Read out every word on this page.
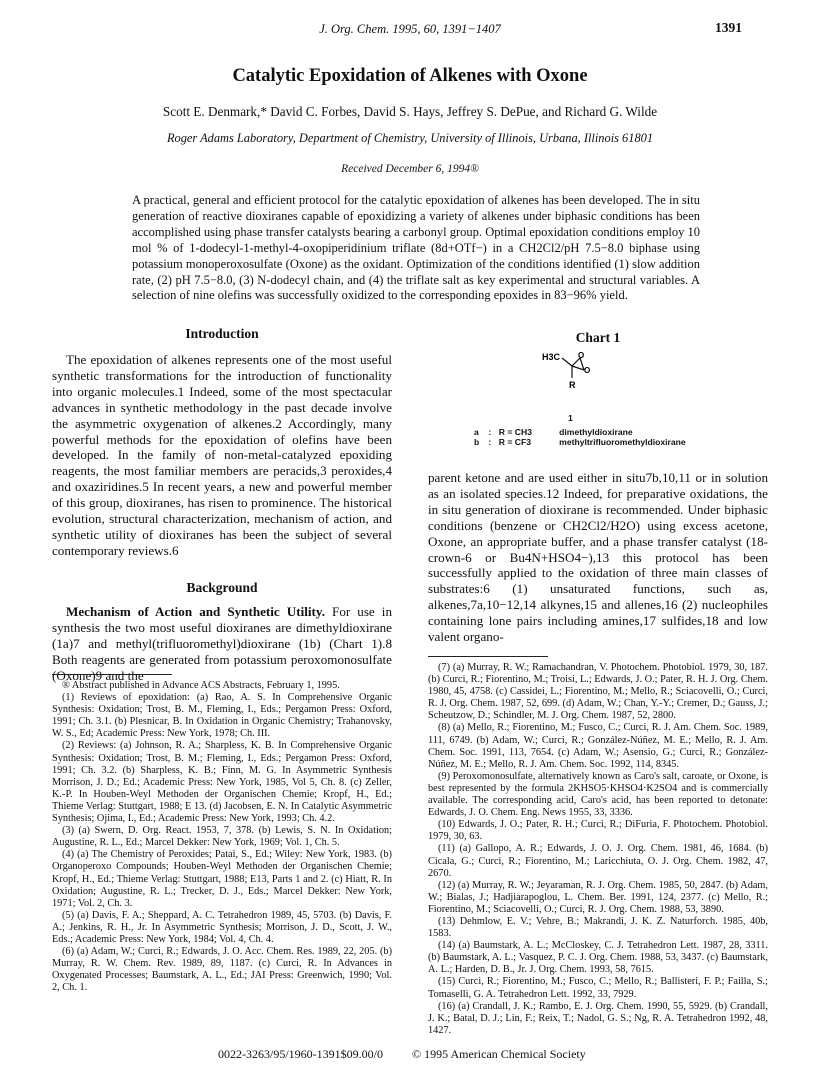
J. Org. Chem. 1995, 60, 1391−1407	1391
Catalytic Epoxidation of Alkenes with Oxone
Scott E. Denmark,* David C. Forbes, David S. Hays, Jeffrey S. DePue, and Richard G. Wilde
Roger Adams Laboratory, Department of Chemistry, University of Illinois, Urbana, Illinois 61801
Received December 6, 1994®
A practical, general and efficient protocol for the catalytic epoxidation of alkenes has been developed. The in situ generation of reactive dioxiranes capable of epoxidizing a variety of alkenes under biphasic conditions has been accomplished using phase transfer catalysts bearing a carbonyl group. Optimal epoxidation conditions employ 10 mol % of 1-dodecyl-1-methyl-4-oxopiperidinium triflate (8d+OTf−) in a CH2Cl2/pH 7.5−8.0 biphase using potassium monoperoxosulfate (Oxone) as the oxidant. Optimization of the conditions identified (1) slow addition rate, (2) pH 7.5−8.0, (3) N-dodecyl chain, and (4) the triflate salt as key experimental and structural variables. A selection of nine olefins was successfully oxidized to the corresponding epoxides in 83−96% yield.
Introduction
The epoxidation of alkenes represents one of the most useful synthetic transformations for the introduction of functionality into organic molecules.1 Indeed, some of the most spectacular advances in synthetic methodology in the past decade involve the asymmetric oxygenation of alkenes.2 Accordingly, many powerful methods for the epoxidation of olefins have been developed. In the family of non-metal-catalyzed epoxiding reagents, the most familiar members are peracids,3 peroxides,4 and oxaziridines.5 In recent years, a new and powerful member of this group, dioxiranes, has risen to prominence. The historical evolution, structural characterization, mechanism of action, and synthetic utility of dioxiranes has been the subject of several contemporary reviews.6
Background
Mechanism of Action and Synthetic Utility. For use in synthesis the two most useful dioxiranes are dimethyldioxirane (1a)7 and methyl(trifluoromethyl)dioxirane (1b) (Chart 1).8 Both reagents are generated from potassium peroxomonosulfate (Oxone)9 and the

® Abstract published in Advance ACS Abstracts, February 1, 1995.

(1) Reviews of epoxidation: (a) Rao, A. S. In Comprehensive Organic Synthesis: Oxidation; Trost, B. M., Fleming, I., Eds.; Pergamon Press: Oxford, 1991; Ch. 3.1. (b) Plesnicar, B. In Oxidation in Organic Chemistry; Trahanovsky, W. S., Ed; Academic Press: New York, 1978; Ch. III.

(2) Reviews: (a) Johnson, R. A.; Sharpless, K. B. In Comprehensive Organic Synthesis: Oxidation; Trost, B. M.; Fleming, I., Eds.; Pergamon Press: Oxford, 1991; Ch. 3.2. (b) Sharpless, K. B.; Finn, M. G. In Asymmetric Synthesis Morrison, J. D.; Ed.; Academic Press: New York, 1985, Vol 5, Ch. 8. (c) Zeller, K.-P. In Houben-Weyl Methoden der Organischen Chemie; Kropf, H., Ed.; Thieme Verlag: Stuttgart, 1988; E 13. (d) Jacobsen, E. N. In Catalytic Asymmetric Synthesis; Ojima, I., Ed.; Academic Press: New York, 1993; Ch. 4.2.

(3) (a) Swern, D. Org. React. 1953, 7, 378. (b) Lewis, S. N. In Oxidation; Augustine, R. L., Ed.; Marcel Dekker: New York, 1969; Vol. 1, Ch. 5.

(4) (a) The Chemistry of Peroxides; Patai, S., Ed.; Wiley: New York, 1983. (b) Organoperoxo Compounds; Houben-Weyl Methoden der Organischen Chemie; Kropf, H., Ed.; Thieme Verlag: Stuttgart, 1988; E13, Parts 1 and 2. (c) Hiatt, R. In Oxidation; Augustine, R. L.; Trecker, D. J., Eds.; Marcel Dekker: New York, 1971; Vol. 2, Ch. 3.

(5) (a) Davis, F. A.; Sheppard, A. C. Tetrahedron 1989, 45, 5703. (b) Davis, F. A.; Jenkins, R. H., Jr. In Asymmetric Synthesis; Morrison, J. D., Scott, J. W., Eds.; Academic Press: New York, 1984; Vol. 4, Ch. 4.

(6) (a) Adam, W.; Curci, R.; Edwards, J. O. Acc. Chem. Res. 1989, 22, 205. (b) Murray, R. W. Chem. Rev. 1989, 89, 1187. (c) Curci, R. In Advances in Oxygenated Processes; Baumstark, A. L., Ed.; JAI Press: Greenwich, 1990; Vol. 2, Ch. 1.

Chart 1
H3C O
O
R
1
a : R = CH3	dimethyldioxirane
b : R = CF3	methyltrifluoromethyldioxirane
parent ketone and are used either in situ7b,10,11 or in solution as an isolated species.12 Indeed, for preparative oxidations, the in situ generation of dioxirane is recommended. Under biphasic conditions (benzene or CH2Cl2/H2O) using excess acetone, Oxone, an appropriate buffer, and a phase transfer catalyst (18-crown-6 or Bu4N+HSO4−),13 this protocol has been successfully applied to the oxidation of three main classes of substrates:6 (1) unsaturated functions, such as, alkenes,7a,10−12,14 alkynes,15 and allenes,16 (2) nucleophiles containing lone pairs including amines,17 sulfides,18 and low valent organo-

(7) (a) Murray, R. W.; Ramachandran, V. Photochem. Photobiol. 1979, 30, 187. (b) Curci, R.; Fiorentino, M.; Troisi, L.; Edwards, J. O.; Pater, R. H. J. Org. Chem. 1980, 45, 4758. (c) Cassidei, L.; Fiorentino, M.; Mello, R.; Sciacovelli, O.; Curci, R. J. Org. Chem. 1987, 52, 699. (d) Adam, W.; Chan, Y.-Y.; Cremer, D.; Gauss, J.; Scheutzow, D.; Schindler, M. J. Org. Chem. 1987, 52, 2800.

(8) (a) Mello, R.; Fiorentino, M.; Fusco, C.; Curci, R. J. Am. Chem. Soc. 1989, 111, 6749. (b) Adam, W.; Curci, R.; González-Núñez, M. E.; Mello, R. J. Am. Chem. Soc. 1991, 113, 7654. (c) Adam, W.; Asensio, G.; Curci, R.; González-Núñez, M. E.; Mello, R. J. Am. Chem. Soc. 1992, 114, 8345.

(9) Peroxomonosulfate, alternatively known as Caro's salt, caroate, or Oxone, is best represented by the formula 2KHSO5·KHSO4·K2SO4 and is commercially available. The corresponding acid, Caro's acid, has been reported to detonate: Edwards, J. O. Chem. Eng. News 1955, 33, 3336.

(10) Edwards, J. O.; Pater, R. H.; Curci, R.; DiFuria, F. Photochem. Photobiol. 1979, 30, 63.

(11) (a) Gallopo, A. R.; Edwards, J. O. J. Org. Chem. 1981, 46, 1684. (b) Cicala, G.; Curci, R.; Fiorentino, M.; Laricchiuta, O. J. Org. Chem. 1982, 47, 2670.

(12) (a) Murray, R. W.; Jeyaraman, R. J. Org. Chem. 1985, 50, 2847. (b) Adam, W.; Bialas, J.; Hadjiarapoglou, L. Chem. Ber. 1991, 124, 2377. (c) Mello, R.; Fiorentino, M.; Sciacovelli, O.; Curci, R. J. Org. Chem. 1988, 53, 3890.

(13) Dehmlow, E. V.; Vehre, B.; Makrandi, J. K. Z. Naturforch. 1985, 40b, 1583.

(14) (a) Baumstark, A. L.; McCloskey, C. J. Tetrahedron Lett. 1987, 28, 3311. (b) Baumstark, A. L.; Vasquez, P. C. J. Org. Chem. 1988, 53, 3437. (c) Baumstark, A. L.; Harden, D. B., Jr. J. Org. Chem. 1993, 58, 7615.

(15) Curci, R.; Fiorentino, M.; Fusco, C.; Mello, R.; Ballisteri, F. P.; Failla, S.; Tomaselli, G. A. Tetrahedron Lett. 1992, 33, 7929.

(16) (a) Crandall, J. K.; Rambo, E. J. Org. Chem. 1990, 55, 5929. (b) Crandall, J. K.; Batal, D. J.; Lin, F.; Reix, T.; Nadol, G. S.; Ng, R. A. Tetrahedron 1992, 48, 1427.

0022-3263/95/1960-1391$09.00/0 © 1995 American Chemical Society
